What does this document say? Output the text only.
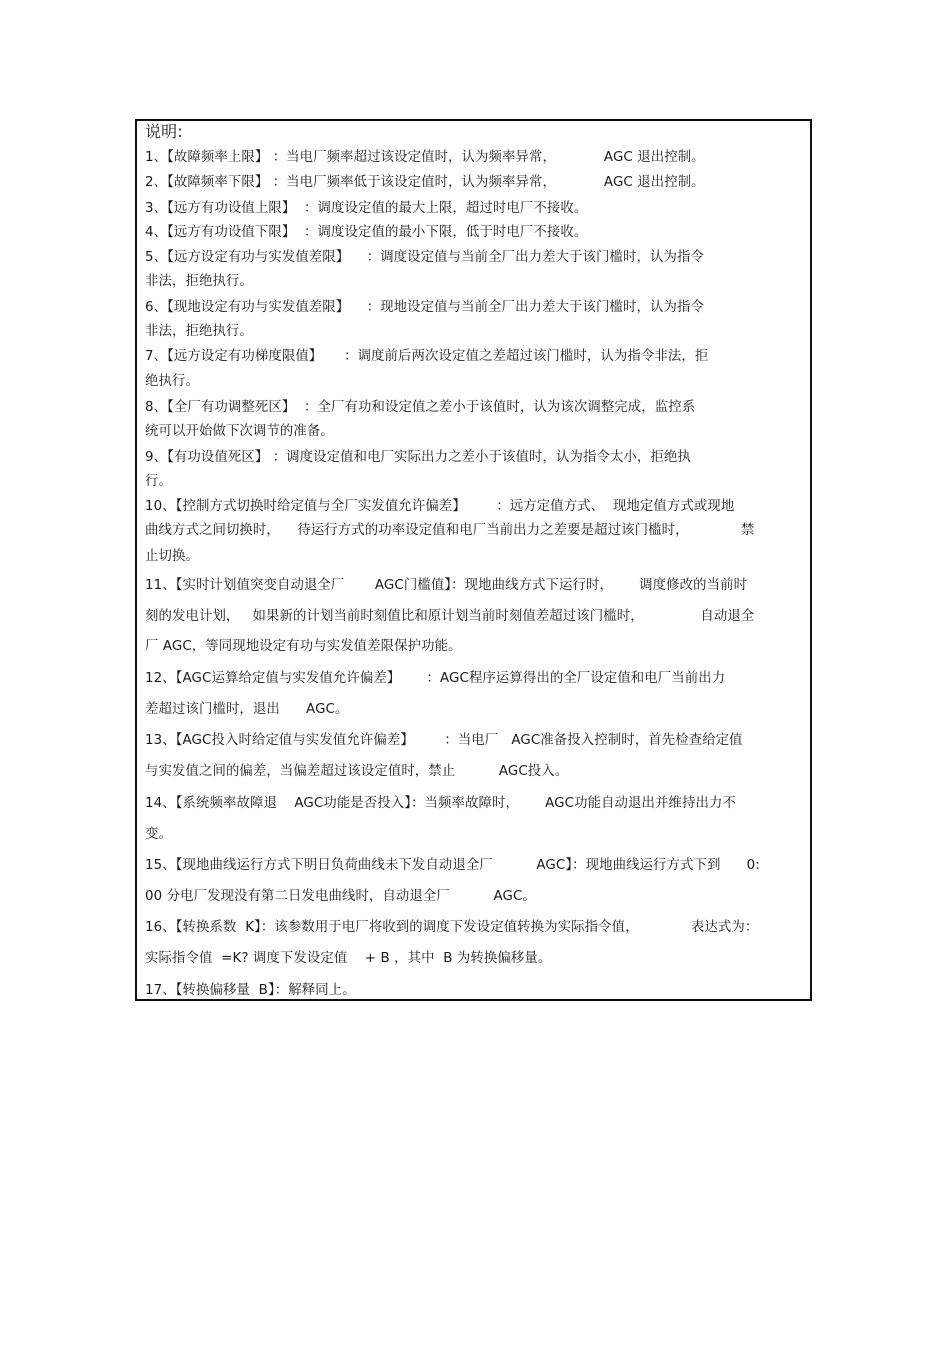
说明:
1、【故障频率上限】 ：当电厂频率超过该设定值时，认为频率异常，           AGC 退出控制。
2、【故障频率下限】 ：当电厂频率低于该设定值时，认为频率异常，           AGC 退出控制。
3、【远方有功设值上限】  ：调度设定值的最大上限，超过时电厂不接收。
4、【远方有功设值下限】  ：调度设定值的最小下限，低于时电厂不接收。
5、【远方设定有功与实发值差限】    ：调度设定值与当前全厂出力差大于该门槛时，认为指令
非法，拒绝执行。
6、【现地设定有功与实发值差限】    ：现地设定值与当前全厂出力差大于该门槛时，认为指令
非法，拒绝执行。
7、【远方设定有功梯度限值】     ：调度前后两次设定值之差超过该门槛时，认为指令非法，拒
绝执行。
8、【全厂有功调整死区】  ：全厂有功和设定值之差小于该值时，认为该次调整完成，监控系
统可以开始做下次调节的准备。
9、【有功设值死区】 ：调度设定值和电厂实际出力之差小于该值时，认为指令太小，拒绝执
行。
10、【控制方式切换时给定值与全厂实发值允许偏差】       ：远方定值方式、  现地定值方式或现地
曲线方式之间切换时，    待运行方式的功率设定值和电厂当前出力之差要是超过该门槛时，            禁
止切换。
11、【实时计划值突变自动退全厂       AGC门槛值】：现地曲线方式下运行时，      调度修改的当前时
刻的发电计划，   如果新的计划当前时刻值比和原计划当前时刻值差超过该门槛时，             自动退全
厂 AGC，等同现地设定有功与实发值差限保护功能。
12、【AGC运算给定值与实发值允许偏差】      ：AGC程序运算得出的全厂设定值和电厂当前出力
差超过该门槛时，退出      AGC。
13、【AGC投入时给定值与实发值允许偏差】       ：当电厂   AGC准备投入控制时，首先检查给定值
与实发值之间的偏差，当偏差超过该设定值时，禁止          AGC投入。
14、【系统频率故障退    AGC功能是否投入】：当频率故障时，      AGC功能自动退出并维持出力不
变。
15、【现地曲线运行方式下明日负荷曲线未下发自动退全厂          AGC】：现地曲线运行方式下到      0:
00 分电厂发现没有第二日发电曲线时，自动退全厂          AGC。
16、【转换系数  K】：该参数用于电厂将收到的调度下发设定值转换为实际指令值，            表达式为：
实际指令值  =K? 调度下发设定值    + B ，其中  B 为转换偏移量。
17、【转换偏移量  B】：解释同上。
